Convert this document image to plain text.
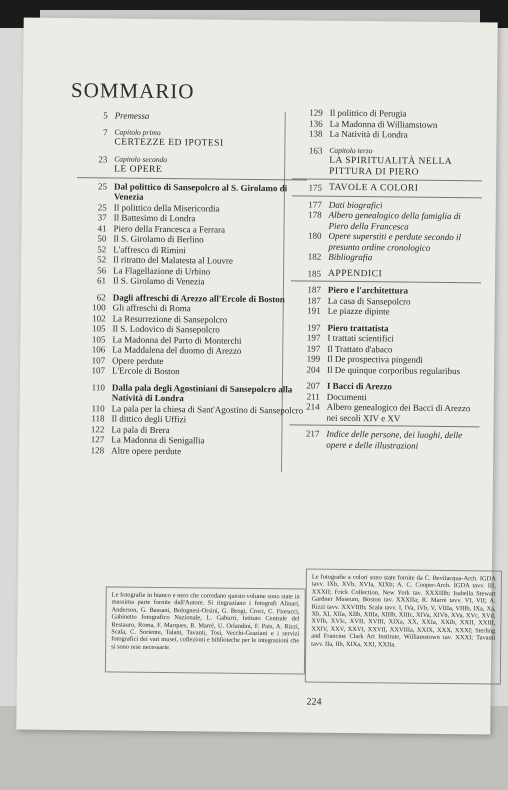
SOMMARIO
5 Premessa
7 Capitolo primo
CERTEZZE ED IPOTESI
23 Capitolo secondo
LE OPERE
25 Dal polittico di Sansepolcro al S. Girolamo di Venezia
25 Il polittico della Misericordia
37 Il Battesimo di Londra
41 Piero della Francesca a Ferrara
50 Il S. Girolamo di Berlino
52 L'affresco di Rimini
52 Il ritratto del Malatesta al Louvre
56 La Flagellazione di Urbino
61 Il S. Girolamo di Venezia
62 Dagli affreschi di Arezzo all'Ercole di Boston
100 Gli affreschi di Roma
102 La Resurrezione di Sansepolcro
105 Il S. Lodovico di Sansepolcro
105 La Madonna del Parto di Monterchi
106 La Maddalena del duomo di Arezzo
107 Opere perdute
107 L'Ercole di Boston
110 Dalla pala degli Agostiniani di Sansepolcro alla Natività di Londra
110 La pala per la chiesa di Sant'Agostino di Sansepolcro
118 Il dittico degli Uffizi
122 La pala di Brera
127 La Madonna di Senigallia
128 Altre opere perdute
129 Il polittico di Perugia
136 La Madonna di Williamstown
138 La Natività di Londra
163 Capitolo terzo
LA SPIRITUALITÀ NELLA PITTURA DI PIERO
175 TAVOLE A COLORI
177 Dati biografici
178 Albero genealogico della famiglia di Piero della Francesca
180 Opere superstiti e perdute secondo il presunto ordine cronologico
182 Bibliografia
185 APPENDICI
187 Piero e l'architettura
187 La casa di Sansepolcro
191 Le piazze dipinte
197 Piero trattatista
197 I trattati scientifici
197 Il Trattato d'abaco
199 Il De prospectiva pingendi
204 Il De quinque corporibus regularibus
207 I Bacci di Arezzo
211 Documenti
214 Albero genealogico dei Bacci di Arezzo nei secoli XIV e XV
217 Indice delle persone, dei luoghi, delle opere e delle illustrazioni
Le fotografie in bianco e nero che corredano questo volume sono state in massima parte fornite dall'Autore. Si ringraziano i fotografi Alinari, Anderson, G. Bassani, Bolognesi-Orsini, G. Brogi, Croci, C. Fiorucci, Gabinetto fotografico Nazionale, L. Gaburri, Istituto Centrale del Restauro, Roma, F. Marques, R. Marrè, U. Orlandini, F. Pais, A. Rizzi, Scala, C. Soriente, Talani, Tavanti, Tosi, Vecchi-Graziani e i servizi fotografici dei vari musei, collezioni e biblioteche per le integrazioni che si sono rese necessarie.
Le fotografie a colori sono state fornite da C. Bevilacqua-Arch. IGDA tavv. IXb, XVb, XVIa, XIXb; A. C. Cooper-Arch. IGDA tavv. III, XXXII; Frick Collection, New York tav. XXXIIIb; Isabella Stewart Gardner Museum, Boston tav. XXXIIa; R. Marrè tavv. VI, VII; A. Rizzi tavv. XXVIIIb; Scala tavv. I, IVa, IVb, V, VIIIa, VIIIb, IXa, Xa, Xb, XI, XIIa, XIIb, XIIIa, XIIIb, XIIIc, XIVa, XIVb, XVa, XVc, XVd, XVIb, XVIc, XVII, XVIII, XIXa, XX, XXIa, XXIb, XXII, XXIII, XXIV, XXV, XXVI, XXVII, XXVIIIa, XXIX, XXX, XXXI; Sterling and Francine Clark Art Institute, Williamstown tav. XXXI; Tavanti tavv. IIa, IIb, XIXa, XXI, XXIIa.
224
